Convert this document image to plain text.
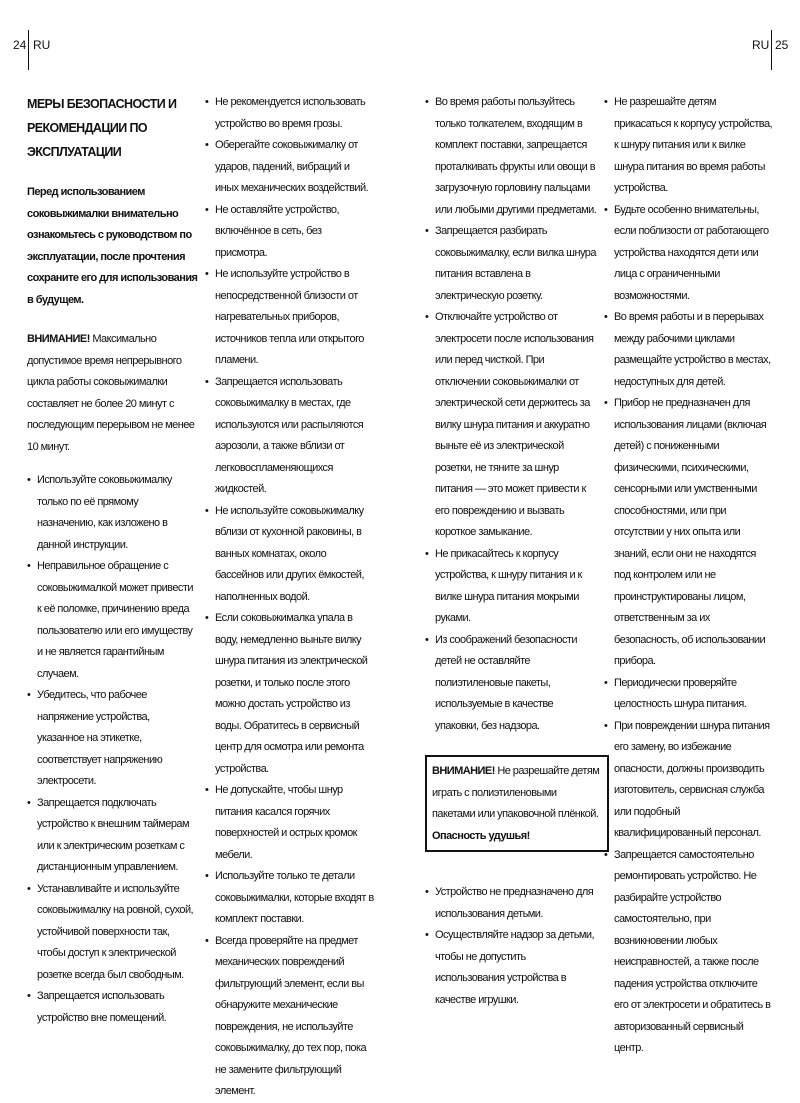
24 RU	RU 25

МЕРЫ БЕЗОПАСНОСТИ И РЕКОМЕНДАЦИИ ПО ЭКСПЛУАТАЦИИ

Перед использованием соковыжималки внимательно ознакомьтесь с руководством по эксплуатации, после прочтения сохраните его для использования в будущем.

ВНИМАНИЕ! Максимально допустимое время непрерывного цикла работы соковыжималки составляет не более 20 минут с последующим перерывом не менее 10 минут.

• Используйте соковыжималку только по её прямому назначению, как изложено в данной инструкции.
• Неправильное обращение с соковыжималкой может привести к её поломке, причинению вреда пользователю или его имуществу и не является гарантийным случаем.
• Убедитесь, что рабочее напряжение устройства, указанное на этикетке, соответствует напряжению электросети.
• Запрещается подключать устройство к внешним таймерам или к электрическим розеткам с дистанционным управлением.
• Устанавливайте и используйте соковыжималку на ровной, сухой, устойчивой поверхности так, чтобы доступ к электрической розетке всегда был свободным.
• Запрещается использовать устройство вне помещений.
• Не рекомендуется использовать устройство во время грозы.
• Оберегайте соковыжималку от ударов, падений, вибраций и иных механических воздействий.
• Не оставляйте устройство, включённое в сеть, без присмотра.
• Не используйте устройство в непосредственной близости от нагревательных приборов, источников тепла или открытого пламени.
• Запрещается использовать соковыжималку в местах, где используются или распыляются аэрозоли, а также вблизи от легковоспламеняющихся жидкостей.
• Не используйте соковыжималку вблизи от кухонной раковины, в ванных комнатах, около бассейнов или других ёмкостей, наполненных водой.
• Если соковыжималка упала в воду, немедленно выньте вилку шнура питания из электрической розетки, и только после этого можно достать устройство из воды. Обратитесь в сервисный центр для осмотра или ремонта устройства.
• Не допускайте, чтобы шнур питания касался горячих поверхностей и острых кромок мебели.
• Используйте только те детали соковыжималки, которые входят в комплект поставки.
• Всегда проверяйте на предмет механических повреждений фильтрующий элемент, если вы обнаружите механические повреждения, не используйте соковыжималку, до тех пор, пока не замените фильтрующий элемент.
• Во время работы пользуйтесь только толкателем, входящим в комплект поставки, запрещается проталкивать фрукты или овощи в загрузочную горловину пальцами или любыми другими предметами.
• Запрещается разбирать соковыжималку, если вилка шнура питания вставлена в электрическую розетку.
• Отключайте устройство от электросети после использования или перед чисткой. При отключении соковыжималки от электрической сети держитесь за вилку шнура питания и аккуратно выньте её из электрической розетки, не тяните за шнур питания — это может привести к его повреждению и вызвать короткое замыкание.
• Не прикасайтесь к корпусу устройства, к шнуру питания и к вилке шнура питания мокрыми руками.
• Из соображений безопасности детей не оставляйте полиэтиленовые пакеты, используемые в качестве упаковки, без надзора.
ВНИМАНИЕ! Не разрешайте детям играть с полиэтиленовыми пакетами или упаковочной плёнкой.
Опасность удушья!
• Устройство не предназначено для использования детьми.
• Осуществляйте надзор за детьми, чтобы не допустить использования устройства в качестве игрушки.
• Не разрешайте детям прикасаться к корпусу устройства, к шнуру питания или к вилке шнура питания во время работы устройства.
• Будьте особенно внимательны, если поблизости от работающего устройства находятся дети или лица с ограниченными возможностями.
• Во время работы и в перерывах между рабочими циклами размещайте устройство в местах, недоступных для детей.
• Прибор не предназначен для использования лицами (включая детей) с пониженными физическими, психическими, сенсорными или умственными способностями, или при отсутствии у них опыта или знаний, если они не находятся под контролем или не проинструктированы лицом, ответственным за их безопасность, об использовании прибора.
• Периодически проверяйте целостность шнура питания.
• При повреждении шнура питания его замену, во избежание опасности, должны производить изготовитель, сервисная служба или подобный квалифицированный персонал.
• Запрещается самостоятельно ремонтировать устройство. Не разбирайте устройство самостоятельно, при возникновении любых неисправностей, а также после падения устройства отключите его от электросети и обратитесь в авторизованный сервисный центр.
